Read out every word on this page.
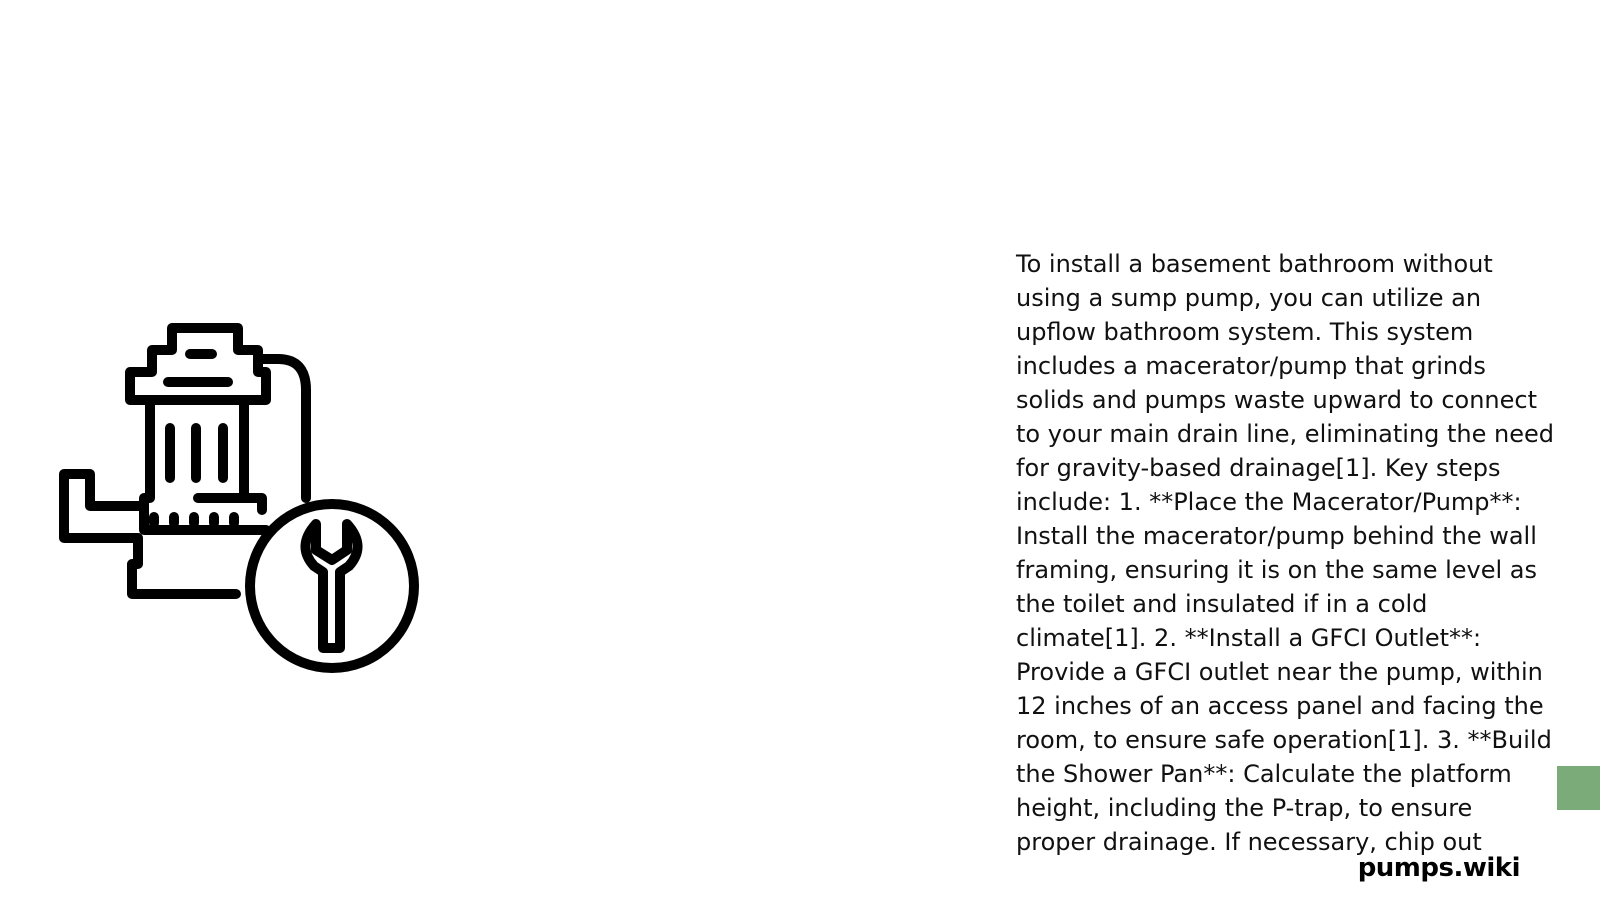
To install a basement bathroom without using a sump pump, you can utilize an upflow bathroom system. This system includes a macerator/pump that grinds solids and pumps waste upward to connect to your main drain line, eliminating the need for gravity-based drainage[1]. Key steps include: 1. **Place the Macerator/Pump**: Install the macerator/pump behind the wall framing, ensuring it is on the same level as the toilet and insulated if in a cold climate[1]. 2. **Install a GFCI Outlet**: Provide a GFCI outlet near the pump, within 12 inches of an access panel and facing the room, to ensure safe operation[1]. 3. **Build the Shower Pan**: Calculate the platform height, including the P-trap, to ensure proper drainage. If necessary, chip out

pumps.wiki
